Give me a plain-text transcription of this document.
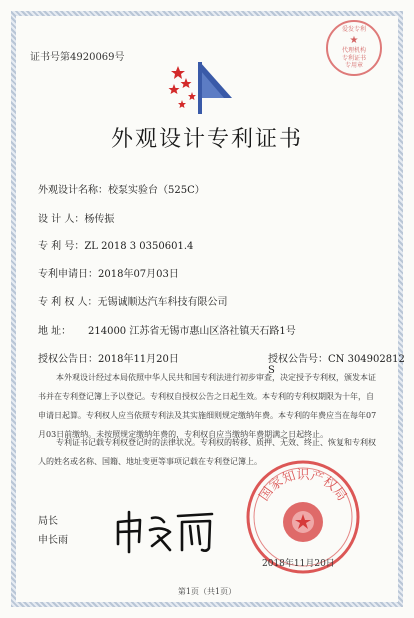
证书号第4920069号
爱发专利
★
代理机构
专利证书
专用章
外观设计专利证书
外观设计名称：校泵实验台（525C）
设 计 人：杨传振
专 利 号：ZL 2018 3 0350601.4
专利申请日：2018年07月03日
专 利 权 人：无锡诚顺达汽车科技有限公司
地 址： 214000 江苏省无锡市惠山区洛社镇天石路1号
授权公告日：2018年11月20日	授权公告号：CN 304902812 S
本外观设计经过本局依照中华人民共和国专利法进行初步审查，决定授予专利权，颁发本证书并在专利登记簿上予以登记。专利权自授权公告之日起生效。本专利的专利权期限为十年，自申请日起算。专利权人应当依照专利法及其实施细则规定缴纳年费。本专利的年费应当在每年07月03日前缴纳。未按照规定缴纳年费的，专利权自应当缴纳年费期满之日起终止。
专利证书记载专利权登记时的法律状况。专利权的转移、质押、无效、终止、恢复和专利权人的姓名或名称、国籍、地址变更等事项记载在专利登记簿上。
局长
申长雨
国家知识产权局
2018年11月20日
第1页（共1页）
